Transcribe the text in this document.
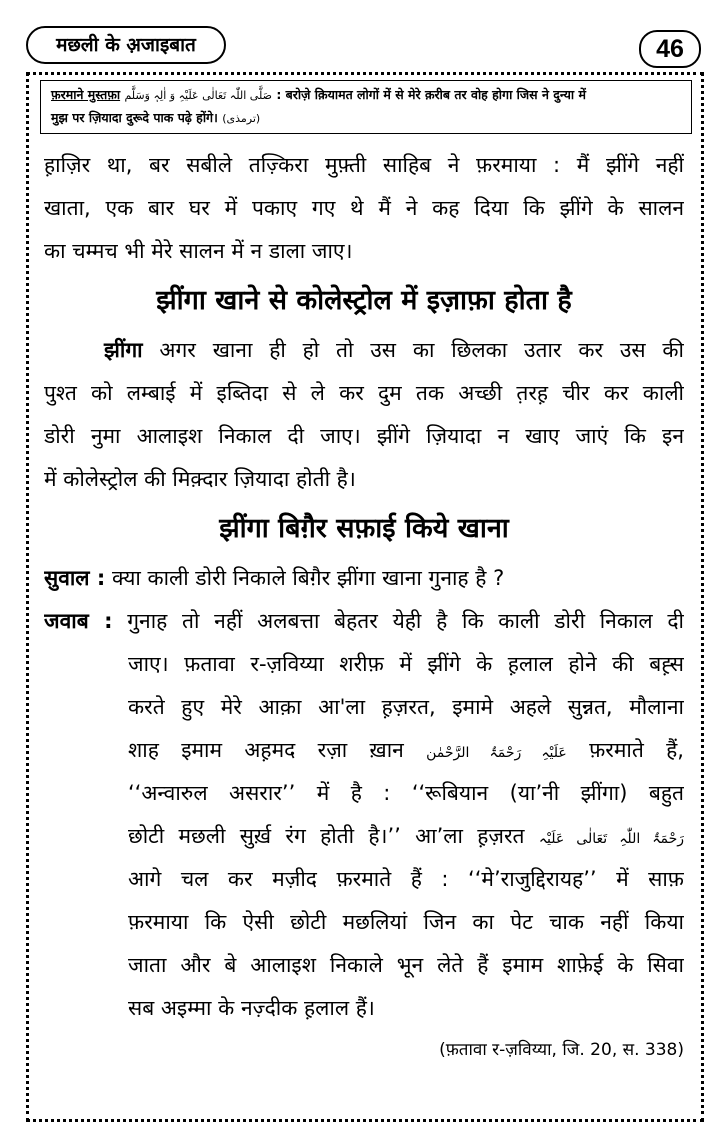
मछली के अ़जाइबात	46
फ़रमाने मुस्तफ़ा صَلَّی اللّٰہ تَعَالٰی عَلَیْہِ وَ اٰلِہٖ وَسَلَّم : बरोज़े क़ियामत लोगों में से मेरे क़रीब तर वोह होगा जिस ने दुन्या में
मुझ पर ज़ियादा दुरूदे पाक पढ़े होंगे। (ترمذی)
ह़ाज़िर था, बर सबीले तज़्किरा मुफ़्ती साहिब ने फ़रमाया : मैं झींगे नहीं
खाता, एक बार घर में पकाए गए थे मैं ने कह दिया कि झींगे के सालन
का चम्मच भी मेरे सालन में न डाला जाए।
झींगा खाने से कोलेस्ट्रोल में इज़ाफ़ा होता है
झींगा अगर खाना ही हो तो उस का छिलका उतार कर उस की
पुश्त को लम्बाई में इब्तिदा से ले कर दुम तक अच्छी त़रह़ चीर कर काली
डोरी नुमा आलाइश निकाल दी जाए। झींगे ज़ियादा न खाए जाएं कि इन
में कोलेस्ट्रोल की मिक़्दार ज़ियादा होती है।
झींगा बिग़ैर सफ़ाई किये खाना
सुवाल : क्या काली डोरी निकाले बिग़ैर झींगा खाना गुनाह है ?
जवाब : गुनाह तो नहीं अलबत्ता बेहतर येही है कि काली डोरी निकाल दी
जाए। फ़तावा र-ज़विय्या शरीफ़ में झींगे के ह़लाल होने की बह़्स
करते हुए मेरे आक़ा आ'ला ह़ज़रत, इमामे अहले सुन्नत, मौलाना
शाह इमाम अह़मद रज़ा ख़ान عَلَیْہِ رَحْمَۃُ الرَّحْمٰن फ़रमाते हैं,
‘‘अन्वारुल असरार’’ में है : ‘‘रूबियान (या’नी झींगा) बहुत
छोटी मछली सुर्ख़ रंग होती है।’’ आ’ला ह़ज़रत رَحْمَۃُ اللّٰہِ تَعَالٰی عَلَیْہ
आगे चल कर मज़ीद फ़रमाते हैं : ‘‘मे’राजुद्दिरायह’’ में साफ़
फ़रमाया कि ऐसी छोटी मछलियां जिन का पेट चाक नहीं किया
जाता और बे आलाइश निकाले भून लेते हैं इमाम शाफ़ेई के सिवा
सब अइम्मा के नज़्दीक ह़लाल हैं।
(फ़तावा र-ज़विय्या, जि. 20, स. 338)
